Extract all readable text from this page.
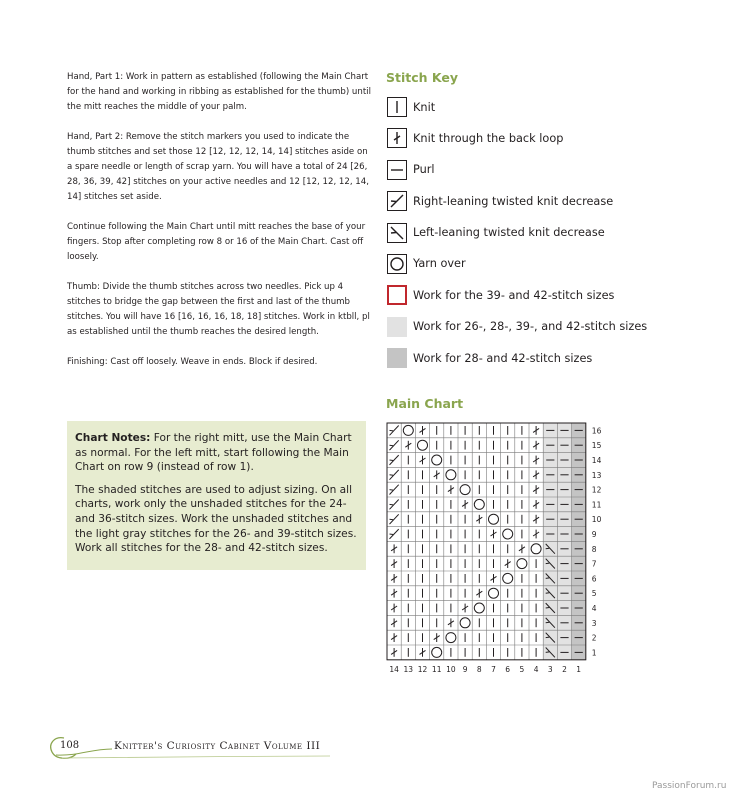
Hand, Part 1: Work in pattern as established (following the Main Chart for the hand and working in ribbing as established for the thumb) until the mitt reaches the middle of your palm.

Hand, Part 2: Remove the stitch markers you used to indicate the thumb stitches and set those 12 [12, 12, 12, 14, 14] stitches aside on a spare needle or length of scrap yarn. You will have a total of 24 [26, 28, 36, 39, 42] stitches on your active needles and 12 [12, 12, 12, 14, 14] stitches set aside.

Continue following the Main Chart until mitt reaches the base of your fingers. Stop after completing row 8 or 16 of the Main Chart. Cast off loosely.

Thumb: Divide the thumb stitches across two needles. Pick up 4 stitches to bridge the gap between the first and last of the thumb stitches. You will have 16 [16, 16, 16, 18, 18] stitches. Work in ktbll, pl as established until the thumb reaches the desired length.

Finishing: Cast off loosely. Weave in ends. Block if desired.

Stitch Key
Knit
Knit through the back loop
Purl
Right-leaning twisted knit decrease
Left-leaning twisted knit decrease
Yarn over
Work for the 39- and 42-stitch sizes
Work for 26-, 28-, 39-, and 42-stitch sizes
Work for 28- and 42-stitch sizes
Main Chart
16
15
14
13
12
11
10
9
8
7
6
5
4
3
2
1
14 13 12 11 10 9 8 7 6 5 4 3 2 1

Chart Notes: For the right mitt, use the Main Chart as normal. For the left mitt, start following the Main Chart on row 9 (instead of row 1).

The shaded stitches are used to adjust sizing. On all charts, work only the unshaded stitches for the 24- and 36-stitch sizes. Work the unshaded stitches and the light gray stitches for the 26- and 39-stitch sizes. Work all stitches for the 28- and 42-stitch sizes.

108	Knitter's Curiosity Cabinet Volume III
PassionForum.ru
